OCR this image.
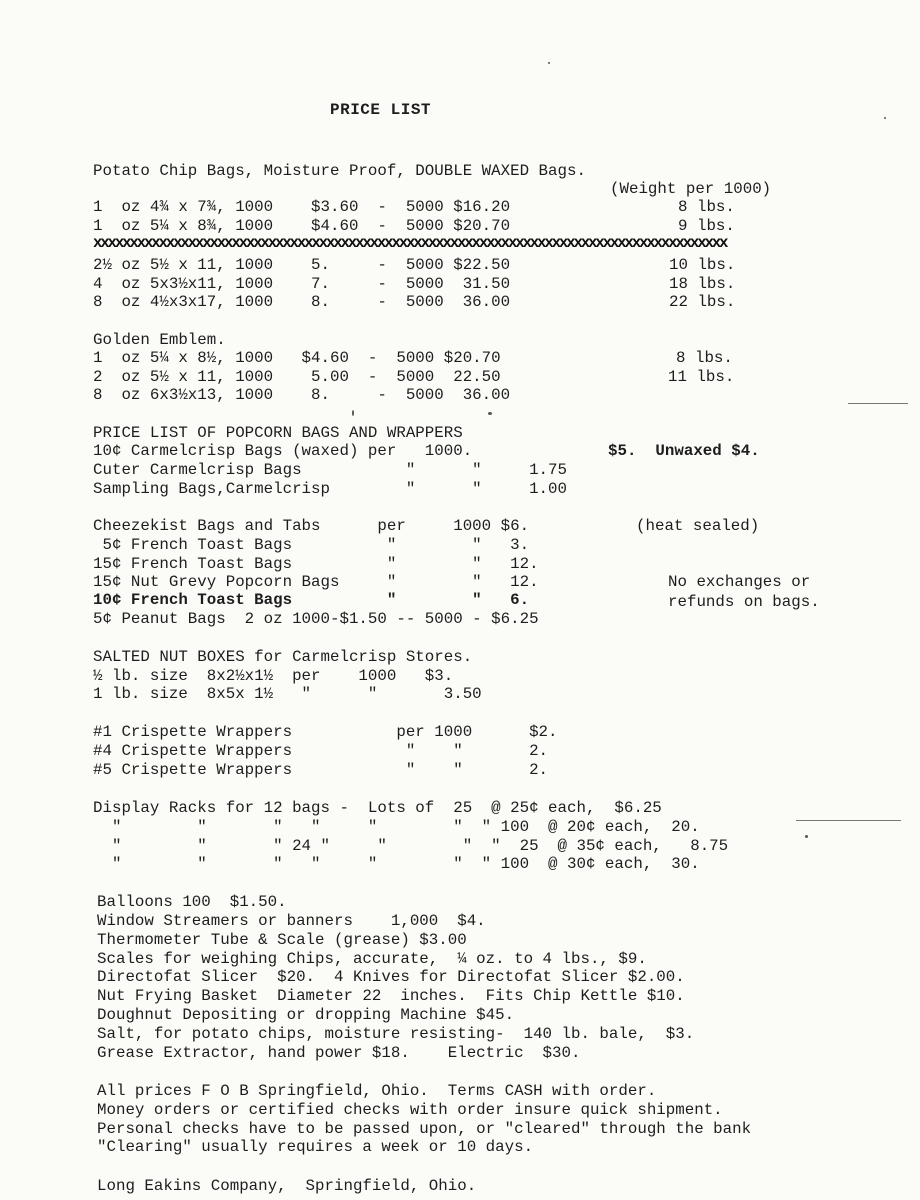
PRICE LIST
Potato Chip Bags, Moisture Proof, DOUBLE WAXED Bags.
(Weight per 1000)
1  oz 4¾ x 7¾, 1000    $3.60  -  5000 $16.20	8 lbs.
1  oz 5¼ x 8¾, 1000    $4.60  -  5000 $20.70	9 lbs.
xxxxxxxxxxxxxxxxxxxxxxxxxxxxxxxxxxxxxxxxxxxxxxxxxxxxxxxxxxxxxxxxxxxxxxxxxxxxxxxxxxxxxxx
2½ oz 5½ x 11, 1000    5.     -  5000 $22.50	10 lbs.
4  oz 5x3½x11, 1000    7.     -  5000  31.50	18 lbs.
8  oz 4½x3x17, 1000    8.     -  5000  36.00	22 lbs.
Golden Emblem.
1  oz 5¼ x 8½, 1000   $4.60  -  5000 $20.70	8 lbs.
2  oz 5½ x 11, 1000    5.00  -  5000  22.50	11 lbs.
8  oz 6x3½x13, 1000    8.     -  5000  36.00
PRICE LIST OF POPCORN BAGS AND WRAPPERS
10¢ Carmelcrisp Bags (waxed) per   1000.	$5.  Unwaxed $4.
Cuter Carmelcrisp Bags           "      "     1.75
Sampling Bags,Carmelcrisp        "      "     1.00
Cheezekist Bags and Tabs      per     1000 $6.	(heat sealed)
5¢ French Toast Bags          "        "   3.
15¢ French Toast Bags          "        "   12.
15¢ Nut Grevy Popcorn Bags     "        "   12.	No exchanges or
10¢ French Toast Bags          "        "   6.	refunds on bags.
5¢ Peanut Bags  2 oz 1000-$1.50 -- 5000 - $6.25
SALTED NUT BOXES for Carmelcrisp Stores.
½ lb. size  8x2½x1½  per    1000   $3.
1 lb. size  8x5x 1½   "      "       3.50
#1 Crispette Wrappers           per 1000      $2.
#4 Crispette Wrappers            "    "       2.
#5 Crispette Wrappers            "    "       2.
Display Racks for 12 bags -  Lots of  25  @ 25¢ each,  $6.25
"        "       "   "     "        "  " 100  @ 20¢ each,  20.
"        "       " 24 "     "        "  "  25  @ 35¢ each,   8.75
"        "       "   "     "        "  " 100  @ 30¢ each,  30.
Balloons 100  $1.50.
Window Streamers or banners    1,000  $4.
Thermometer Tube & Scale (grease) $3.00
Scales for weighing Chips, accurate,  ¼ oz. to 4 lbs., $9.
Directofat Slicer  $20.  4 Knives for Directofat Slicer $2.00.
Nut Frying Basket  Diameter 22  inches.  Fits Chip Kettle $10.
Doughnut Depositing or dropping Machine $45.
Salt, for potato chips, moisture resisting-  140 lb. bale,  $3.
Grease Extractor, hand power $18.    Electric  $30.
All prices F O B Springfield, Ohio.  Terms CASH with order.
Money orders or certified checks with order insure quick shipment.
Personal checks have to be passed upon, or "cleared" through the bank
"Clearing" usually requires a week or 10 days.
Long Eakins Company,  Springfield, Ohio.
